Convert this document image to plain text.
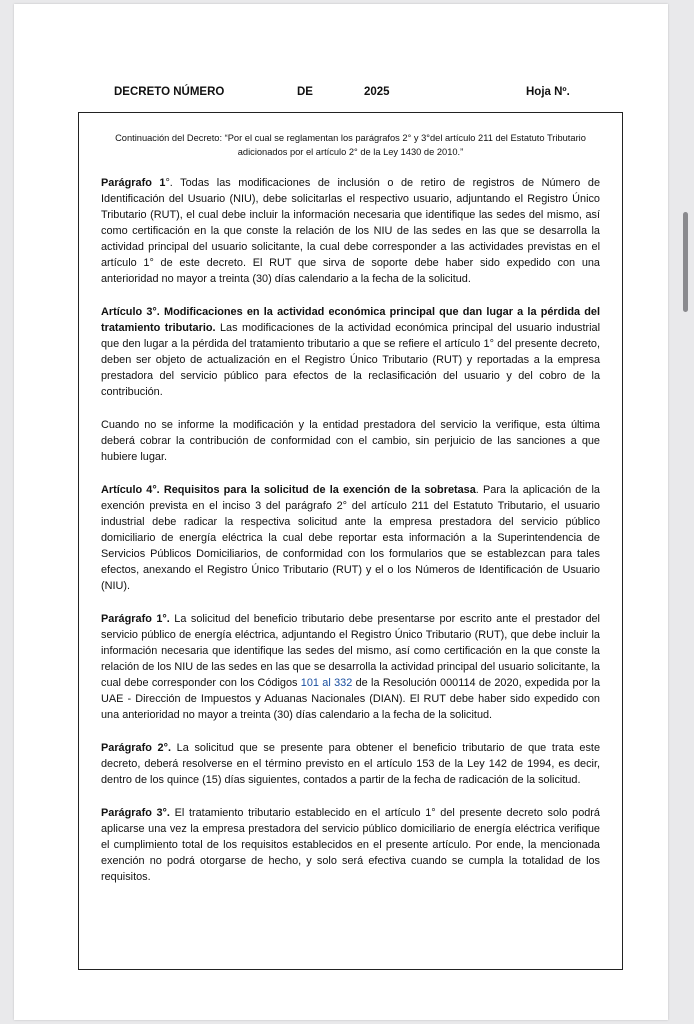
DECRETO NÚMERO	DE	2025	Hoja Nº.

Continuación del Decreto: “Por el cual se reglamentan los parágrafos 2° y 3°del artículo 211 del Estatuto Tributario adicionados por el artículo 2° de la Ley 1430 de 2010.”

Parágrafo 1°. Todas las modificaciones de inclusión o de retiro de registros de Número de Identificación del Usuario (NIU), debe solicitarlas el respectivo usuario, adjuntando el Registro Único Tributario (RUT), el cual debe incluir la información necesaria que identifique las sedes del mismo, así como certificación en la que conste la relación de los NIU de las sedes en las que se desarrolla la actividad principal del usuario solicitante, la cual debe corresponder a las actividades previstas en el artículo 1° de este decreto. El RUT que sirva de soporte debe haber sido expedido con una anterioridad no mayor a treinta (30) días calendario a la fecha de la solicitud.

Artículo 3°. Modificaciones en la actividad económica principal que dan lugar a la pérdida del tratamiento tributario. Las modificaciones de la actividad económica principal del usuario industrial que den lugar a la pérdida del tratamiento tributario a que se refiere el artículo 1° del presente decreto, deben ser objeto de actualización en el Registro Único Tributario (RUT) y reportadas a la empresa prestadora del servicio público para efectos de la reclasificación del usuario y del cobro de la contribución.

Cuando no se informe la modificación y la entidad prestadora del servicio la verifique, esta última deberá cobrar la contribución de conformidad con el cambio, sin perjuicio de las sanciones a que hubiere lugar.

Artículo 4°. Requisitos para la solicitud de la exención de la sobretasa. Para la aplicación de la exención prevista en el inciso 3 del parágrafo 2° del artículo 211 del Estatuto Tributario, el usuario industrial debe radicar la respectiva solicitud ante la empresa prestadora del servicio público domiciliario de energía eléctrica la cual debe reportar esta información a la Superintendencia de Servicios Públicos Domiciliarios, de conformidad con los formularios que se establezcan para tales efectos, anexando el Registro Único Tributario (RUT) y el o los Números de Identificación de Usuario (NIU).

Parágrafo 1°. La solicitud del beneficio tributario debe presentarse por escrito ante el prestador del servicio público de energía eléctrica, adjuntando el Registro Único Tributario (RUT), que debe incluir la información necesaria que identifique las sedes del mismo, así como certificación en la que conste la relación de los NIU de las sedes en las que se desarrolla la actividad principal del usuario solicitante, la cual debe corresponder con los Códigos 101 al 332 de la Resolución 000114 de 2020, expedida por la UAE - Dirección de Impuestos y Aduanas Nacionales (DIAN). El RUT debe haber sido expedido con una anterioridad no mayor a treinta (30) días calendario a la fecha de la solicitud.

Parágrafo 2°. La solicitud que se presente para obtener el beneficio tributario de que trata este decreto, deberá resolverse en el término previsto en el artículo 153 de la Ley 142 de 1994, es decir, dentro de los quince (15) días siguientes, contados a partir de la fecha de radicación de la solicitud.

Parágrafo 3°. El tratamiento tributario establecido en el artículo 1° del presente decreto solo podrá aplicarse una vez la empresa prestadora del servicio público domiciliario de energía eléctrica verifique el cumplimiento total de los requisitos establecidos en el presente artículo. Por ende, la mencionada exención no podrá otorgarse de hecho, y solo será efectiva cuando se cumpla la totalidad de los requisitos.
